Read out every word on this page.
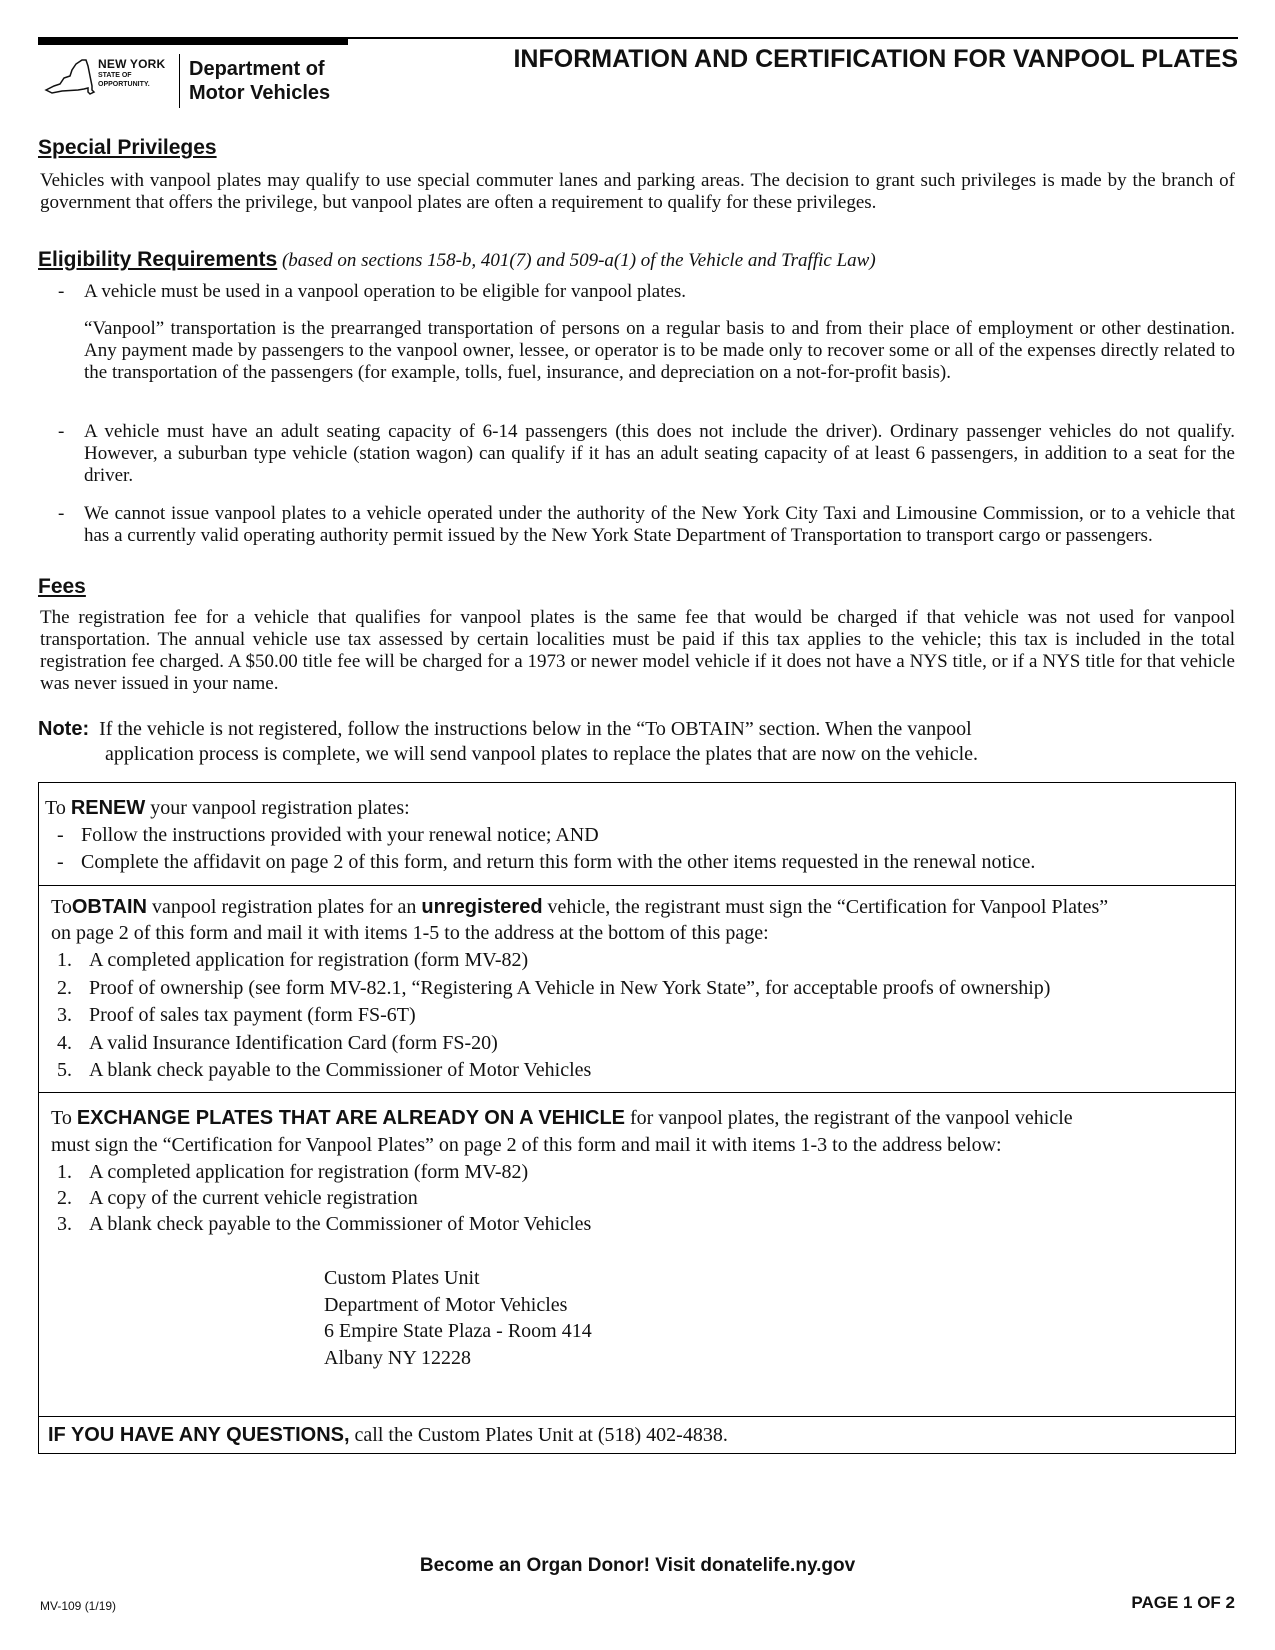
NEW YORK
STATE OF
OPPORTUNITY.
Department of
Motor Vehicles
INFORMATION AND CERTIFICATION FOR VANPOOL PLATES
Special Privileges
Vehicles with vanpool plates may qualify to use special commuter lanes and parking areas. The decision to grant such privileges is made by the branch of government that offers the privilege, but vanpool plates are often a requirement to qualify for these privileges.
Eligibility Requirements (based on sections 158-b, 401(7) and 509-a(1) of the Vehicle and Traffic Law)
- A vehicle must be used in a vanpool operation to be eligible for vanpool plates.
“Vanpool” transportation is the prearranged transportation of persons on a regular basis to and from their place of employment or other destination. Any payment made by passengers to the vanpool owner, lessee, or operator is to be made only to recover some or all of the expenses directly related to the transportation of the passengers (for example, tolls, fuel, insurance, and depreciation on a not-for-profit basis).
- A vehicle must have an adult seating capacity of 6-14 passengers (this does not include the driver). Ordinary passenger vehicles do not qualify. However, a suburban type vehicle (station wagon) can qualify if it has an adult seating capacity of at least 6 passengers, in addition to a seat for the driver.
- We cannot issue vanpool plates to a vehicle operated under the authority of the New York City Taxi and Limousine Commission, or to a vehicle that has a currently valid operating authority permit issued by the New York State Department of Transportation to transport cargo or passengers.
Fees
The registration fee for a vehicle that qualifies for vanpool plates is the same fee that would be charged if that vehicle was not used for vanpool transportation. The annual vehicle use tax assessed by certain localities must be paid if this tax applies to the vehicle; this tax is included in the total registration fee charged. A $50.00 title fee will be charged for a 1973 or newer model vehicle if it does not have a NYS title, or if a NYS title for that vehicle was never issued in your name.
Note: If the vehicle is not registered, follow the instructions below in the “To OBTAIN” section. When the vanpool
application process is complete, we will send vanpool plates to replace the plates that are now on the vehicle.
To RENEW your vanpool registration plates:
- Follow the instructions provided with your renewal notice; AND
- Complete the affidavit on page 2 of this form, and return this form with the other items requested in the renewal notice.
ToOBTAIN vanpool registration plates for an unregistered vehicle, the registrant must sign the “Certification for Vanpool Plates”
on page 2 of this form and mail it with items 1-5 to the address at the bottom of this page:
1. A completed application for registration (form MV-82)
2. Proof of ownership (see form MV-82.1, “Registering A Vehicle in New York State”, for acceptable proofs of ownership)
3. Proof of sales tax payment (form FS-6T)
4. A valid Insurance Identification Card (form FS-20)
5. A blank check payable to the Commissioner of Motor Vehicles
To EXCHANGE PLATES THAT ARE ALREADY ON A VEHICLE for vanpool plates, the registrant of the vanpool vehicle
must sign the “Certification for Vanpool Plates” on page 2 of this form and mail it with items 1-3 to the address below:
1. A completed application for registration (form MV-82)
2. A copy of the current vehicle registration
3. A blank check payable to the Commissioner of Motor Vehicles
Custom Plates Unit
Department of Motor Vehicles
6 Empire State Plaza - Room 414
Albany NY 12228
IF YOU HAVE ANY QUESTIONS, call the Custom Plates Unit at (518) 402-4838.
Become an Organ Donor! Visit donatelife.ny.gov
MV-109 (1/19)	PAGE 1 OF 2
